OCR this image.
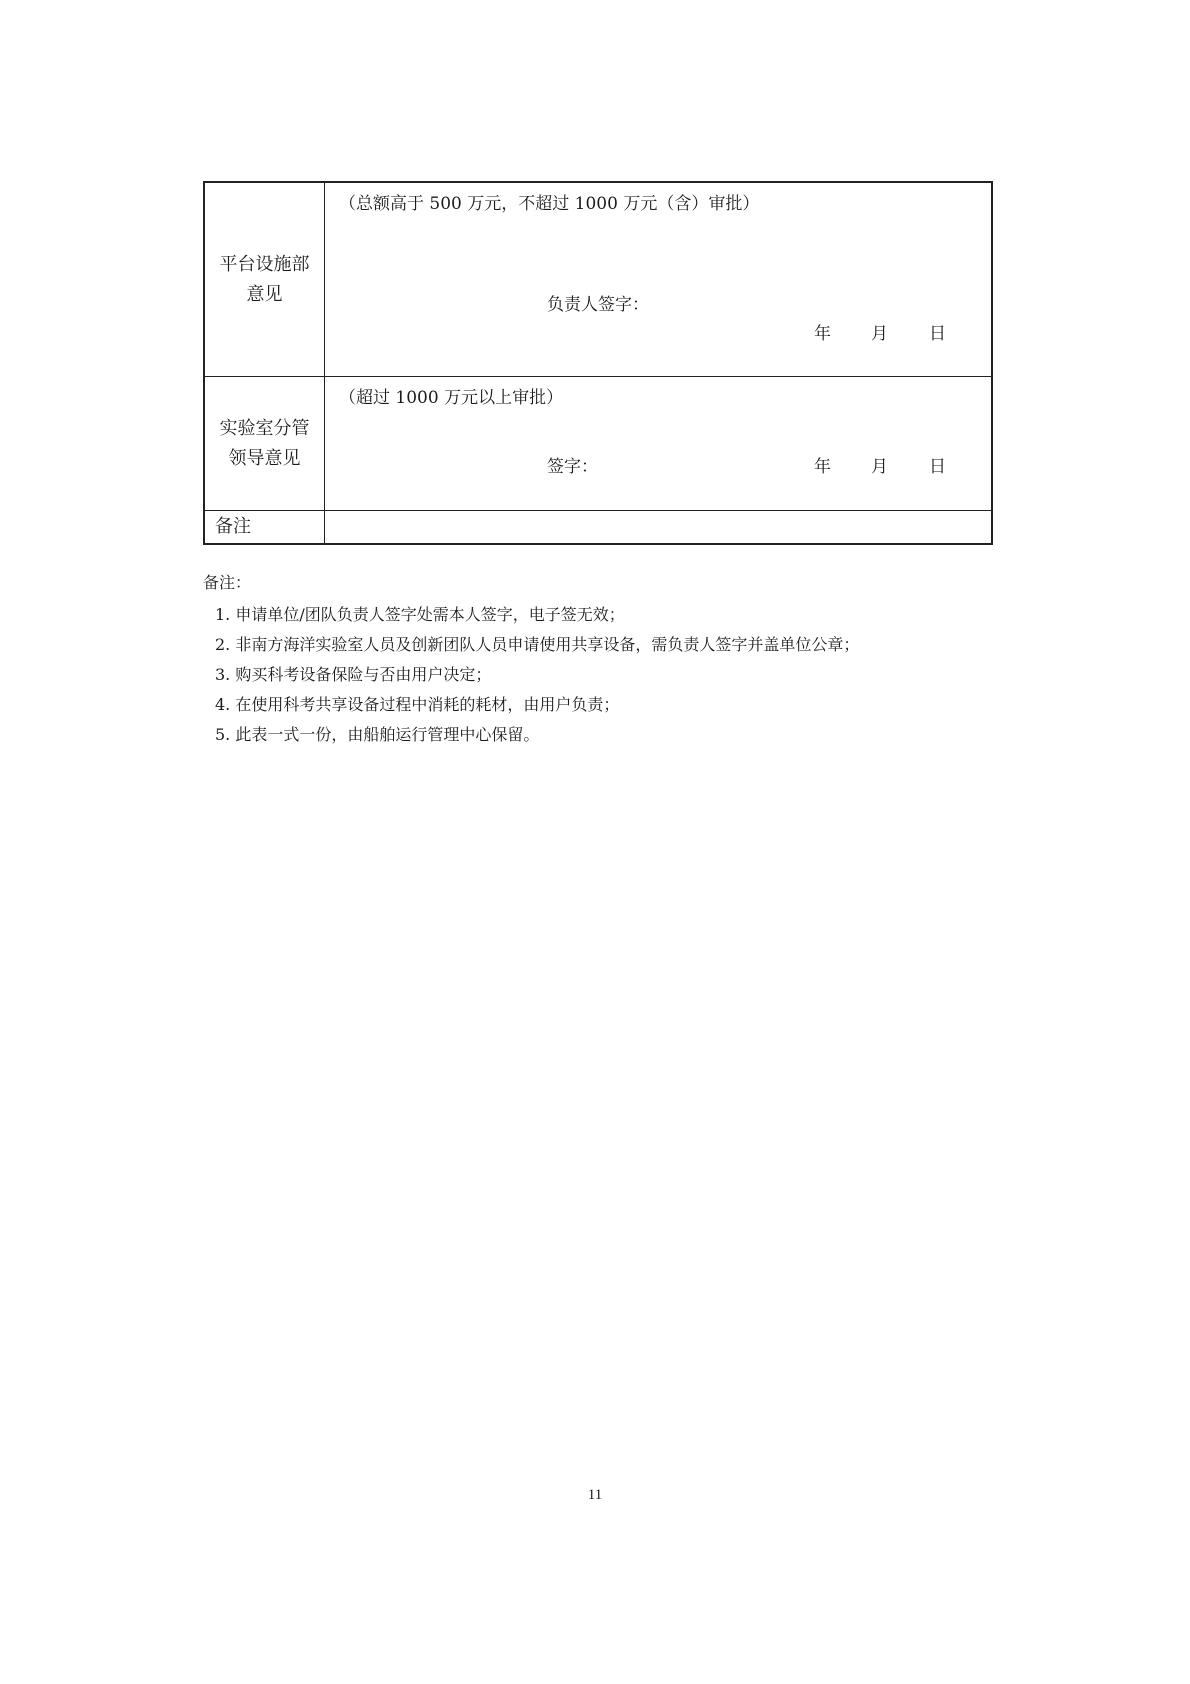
平台设施部
意见
（总额高于 500 万元，不超过 1000 万元（含）审批）
负责人签字：
年 月 日
实验室分管
领导意见
（超过 1000 万元以上审批）
签字：	年 月 日
备注
备注：
1. 申请单位/团队负责人签字处需本人签字，电子签无效；
2. 非南方海洋实验室人员及创新团队人员申请使用共享设备，需负责人签字并盖单位公章；
3. 购买科考设备保险与否由用户决定；
4. 在使用科考共享设备过程中消耗的耗材，由用户负责；
5. 此表一式一份，由船舶运行管理中心保留。
11
